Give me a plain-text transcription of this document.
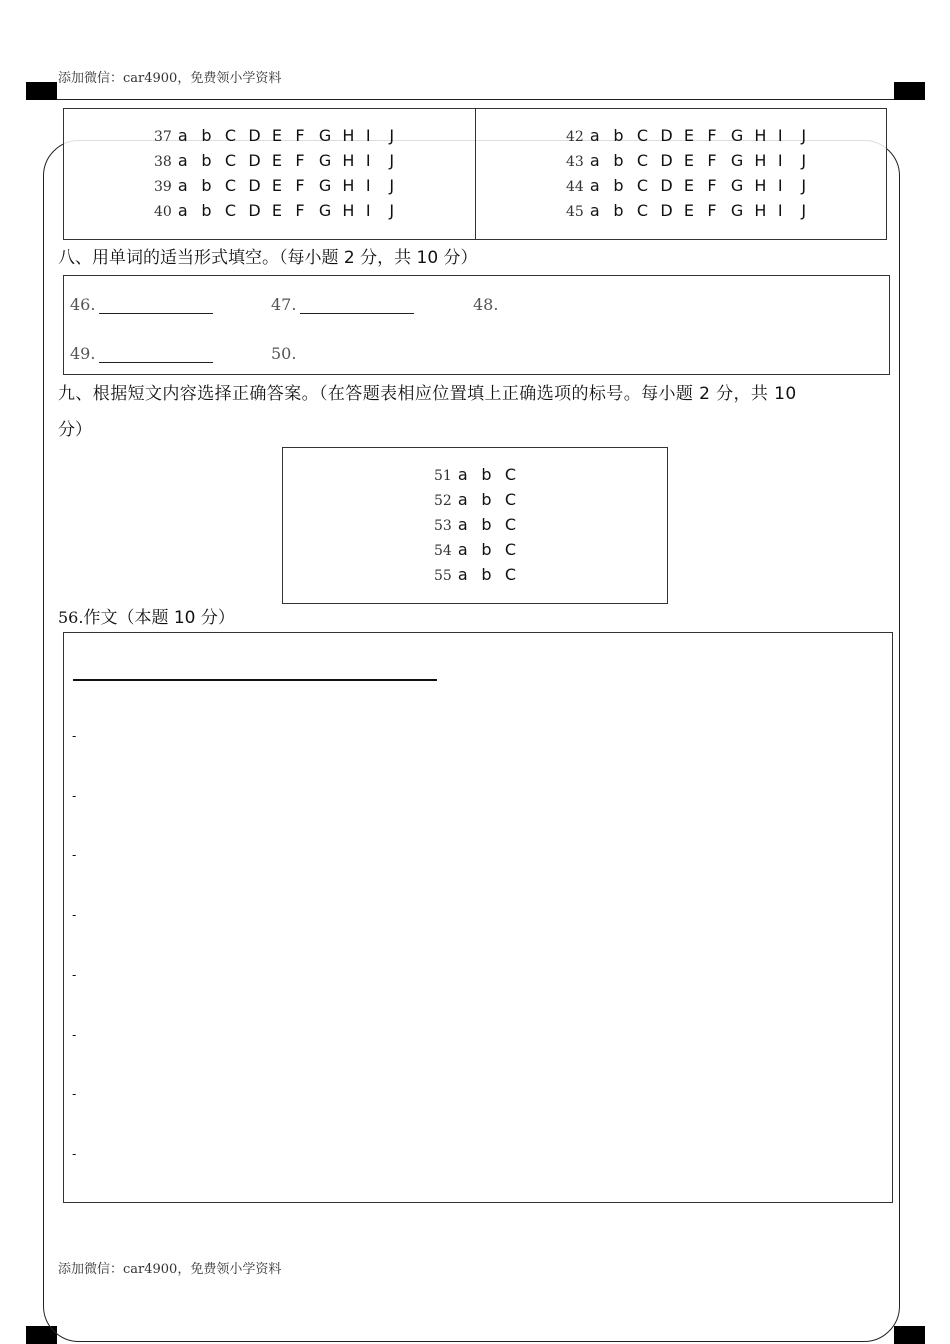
添加微信：car4900，免费领小学资料
37 a b C D E F G H I J
38 a b C D E F G H I J
39 a b C D E F G H I J
40 a b C D E F G H I J
42 a b C D E F G H I J
43 a b C D E F G H I J
44 a b C D E F G H I J
45 a b C D E F G H I J
八、用单词的适当形式填空。（每小题 2 分，共 10 分）
46.	47.	48.
49.	50.
九、根据短文内容选择正确答案。（在答题表相应位置填上正确选项的标号。每小题 2 分，共 10
分）
51 a b C
52 a b C
53 a b C
54 a b C
55 a b C
56.作文（本题 10 分）
-
-
-
-
-
-
-
-
添加微信：car4900，免费领小学资料
